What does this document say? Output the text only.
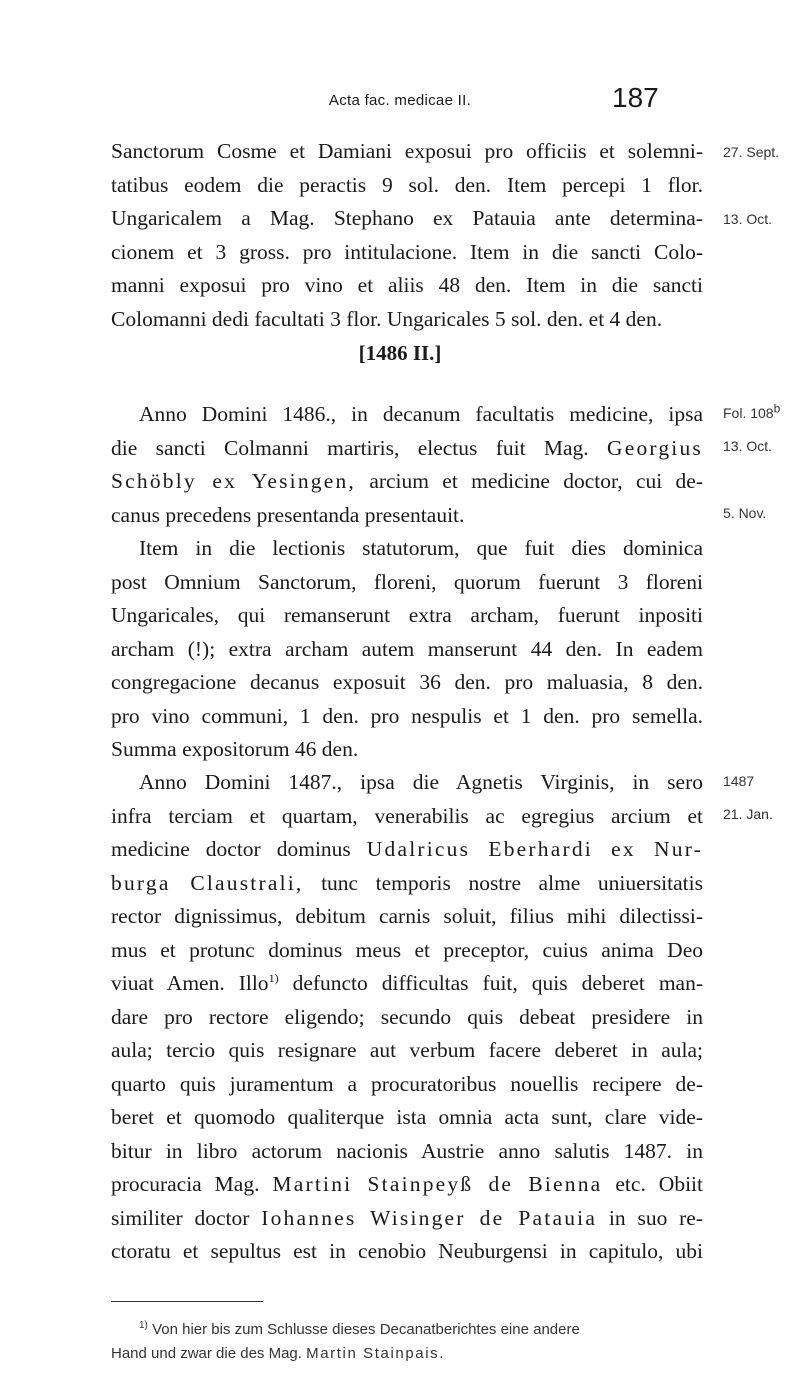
Acta fac. medicae II.	187
Sanctorum Cosme et Damiani exposui pro officiis et solemni-
tatibus eodem die peractis 9 sol. den. Item percepi 1 flor.
Ungaricalem a Mag. Stephano ex Patauia ante determina-
cionem et 3 gross. pro intitulacione. Item in die sancti Colo-
manni exposui pro vino et aliis 48 den. Item in die sancti
Colomanni dedi facultati 3 flor. Ungaricales 5 sol. den. et 4 den.
27. Sept.
13. Oct.
[1486 II.]
Anno Domini 1486., in decanum facultatis medicine, ipsa
die sancti Colmanni martiris, electus fuit Mag. Georgius
Schöbly ex Yesingen, arcium et medicine doctor, cui de-
canus precedens presentanda presentauit.
Item in die lectionis statutorum, que fuit dies dominica
post Omnium Sanctorum, floreni, quorum fuerunt 3 floreni
Ungaricales, qui remanserunt extra archam, fuerunt inpositi
archam (!); extra archam autem manserunt 44 den. In eadem
congregacione decanus exposuit 36 den. pro maluasia, 8 den.
pro vino communi, 1 den. pro nespulis et 1 den. pro semella.
Summa expositorum 46 den.
Fol. 108$^b$
13. Oct.
5. Nov.
Anno Domini 1487., ipsa die Agnetis Virginis, in sero
infra terciam et quartam, venerabilis ac egregius arcium et
medicine doctor dominus Udalricus Eberhardi ex Nur-
burga Claustrali, tunc temporis nostre alme uniuersitatis
rector dignissimus, debitum carnis soluit, filius mihi dilectissi-
mus et protunc dominus meus et preceptor, cuius anima Deo
viuat Amen. Illo$^{1)}$ defuncto difficultas fuit, quis deberet man-
dare pro rectore eligendo; secundo quis debeat presidere in
aula; tercio quis resignare aut verbum facere deberet in aula;
quarto quis juramentum a procuratoribus nouellis recipere de-
beret et quomodo qualiterque ista omnia acta sunt, clare vide-
bitur in libro actorum nacionis Austrie anno salutis 1487. in
procuracia Mag. Martini Stainpeyß de Bienna etc. Obiit
similiter doctor Iohannes Wisinger de Patauia in suo re-
ctoratu et sepultus est in cenobio Neuburgensi in capitulo, ubi
1487
21. Jan.
$^{1)}$ Von hier bis zum Schlusse dieses Decanatberichtes eine andere
Hand und zwar die des Mag. Martin Stainpais.
